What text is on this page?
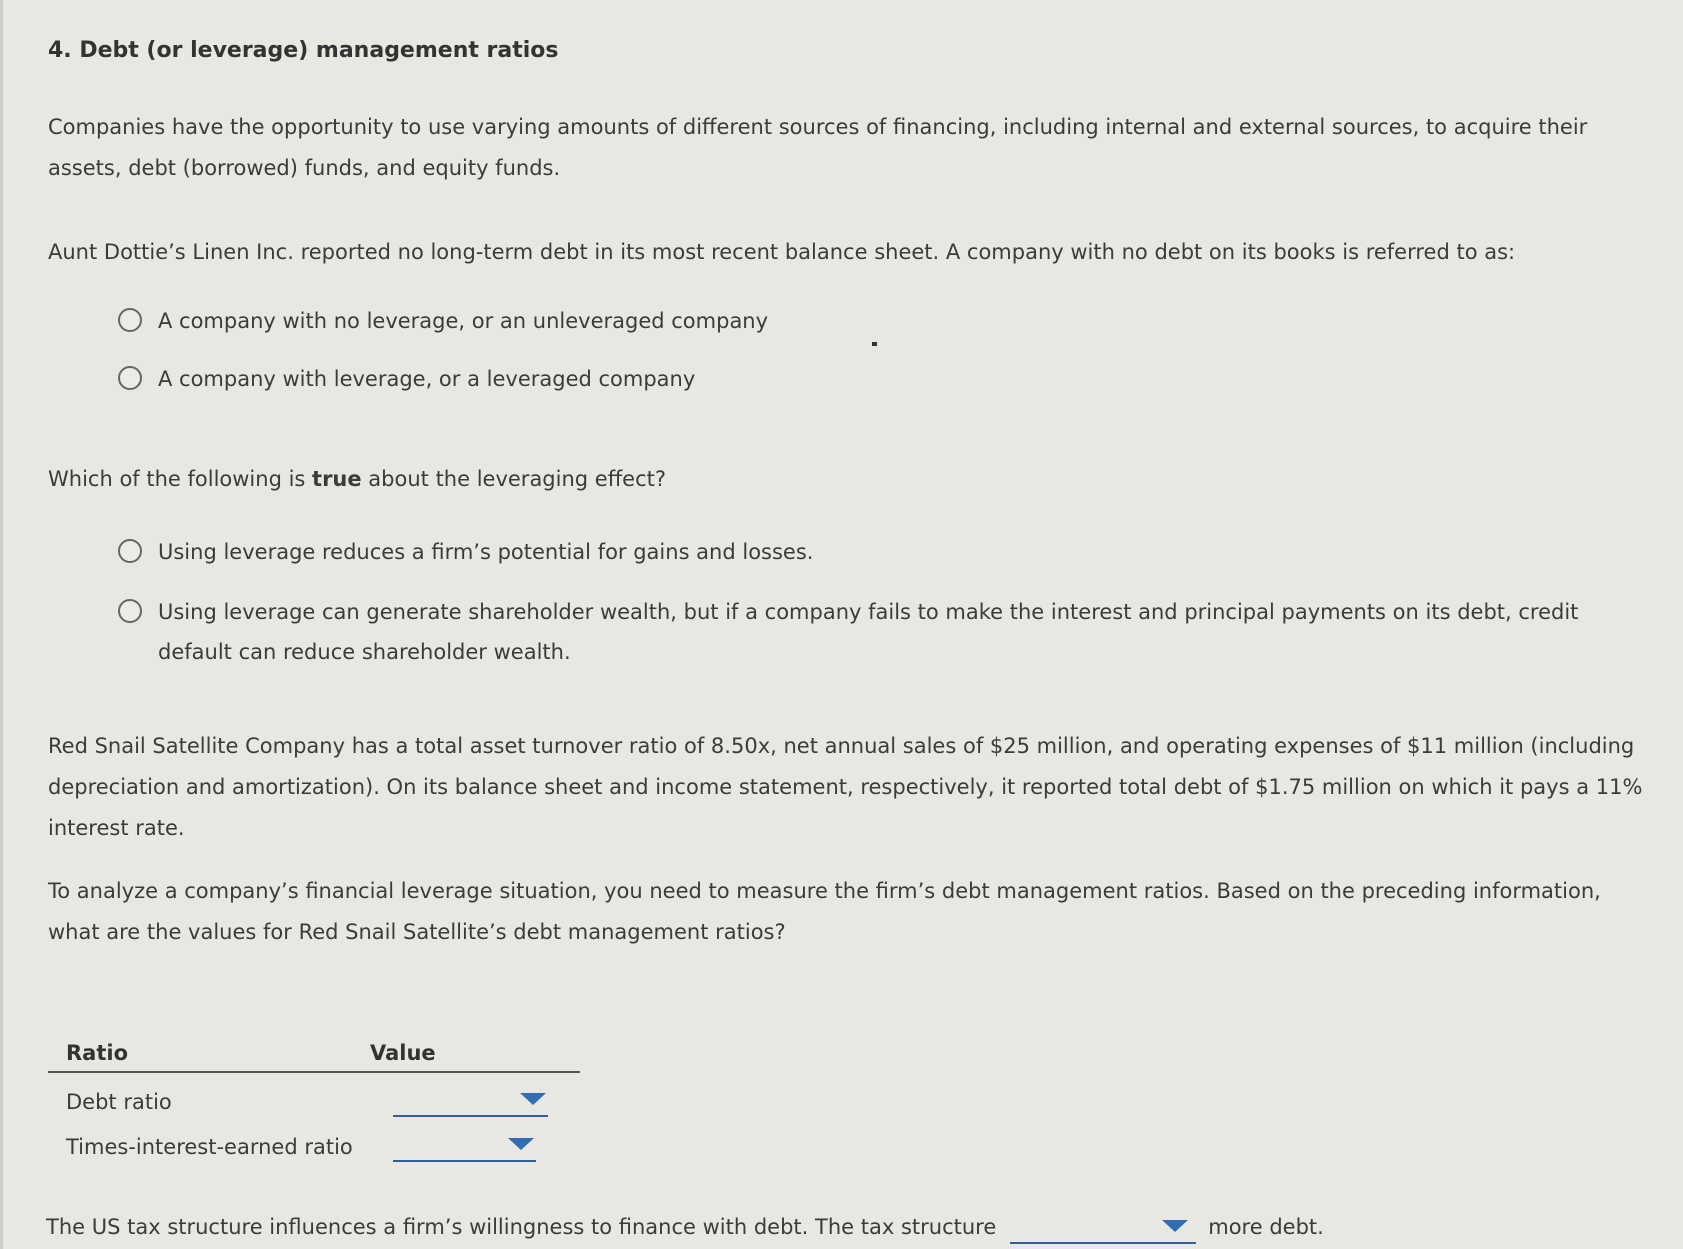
4. Debt (or leverage) management ratios
Companies have the opportunity to use varying amounts of different sources of financing, including internal and external sources, to acquire their assets, debt (borrowed) funds, and equity funds.
Aunt Dottie’s Linen Inc. reported no long-term debt in its most recent balance sheet. A company with no debt on its books is referred to as:
A company with no leverage, or an unleveraged company
A company with leverage, or a leveraged company
Which of the following is true about the leveraging effect?
Using leverage reduces a firm’s potential for gains and losses.
Using leverage can generate shareholder wealth, but if a company fails to make the interest and principal payments on its debt, credit default can reduce shareholder wealth.
Red Snail Satellite Company has a total asset turnover ratio of 8.50x, net annual sales of $25 million, and operating expenses of $11 million (including depreciation and amortization). On its balance sheet and income statement, respectively, it reported total debt of $1.75 million on which it pays a 11% interest rate.
To analyze a company’s financial leverage situation, you need to measure the firm’s debt management ratios. Based on the preceding information, what are the values for Red Snail Satellite’s debt management ratios?
Ratio	Value
Debt ratio
Times-interest-earned ratio
The US tax structure influences a firm’s willingness to finance with debt. The tax structure	more debt.
